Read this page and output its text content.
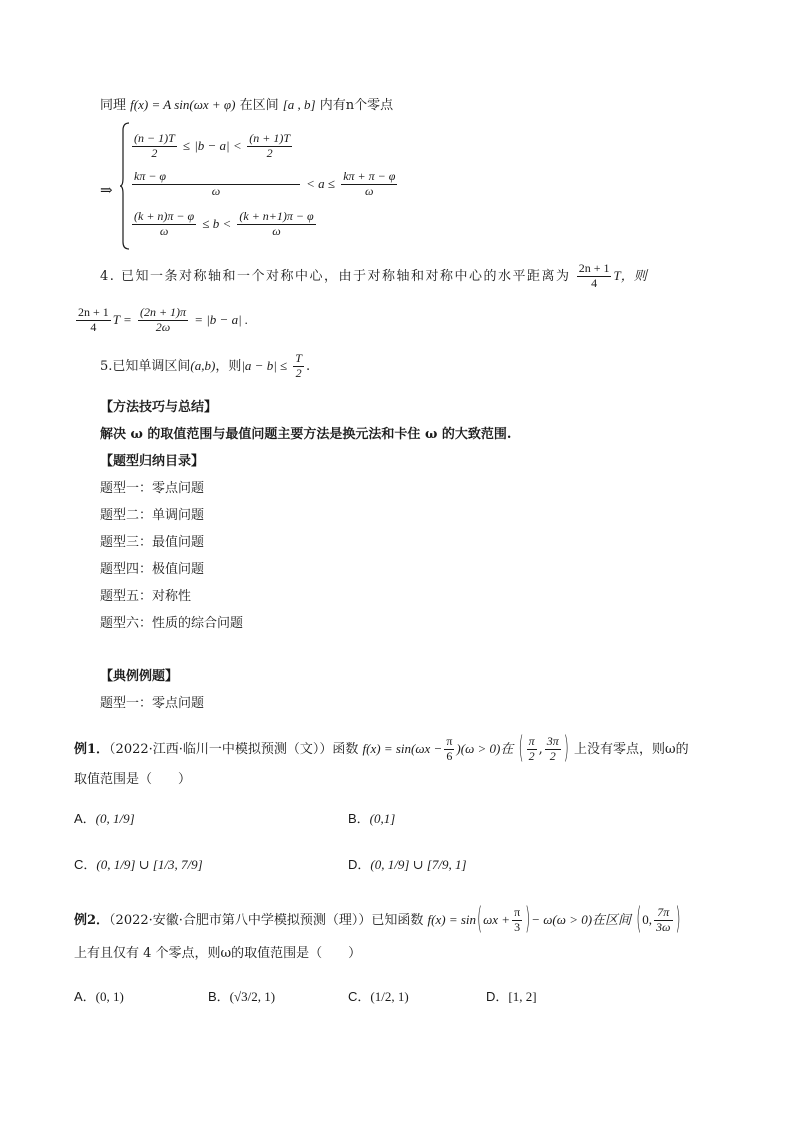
同理 f(x) = A sin(ωx + φ) 在区间 [a , b] 内有n个零点
⇒
$\frac{(n - 1)T}{2} \le |b - a| < \frac{(n + 1)T}{2}$
$\frac{k\pi - \varphi}{\omega} < a \le \frac{k\pi + \pi - \varphi}{\omega}$
$\frac{(k + n)\pi - \varphi}{\omega} \le b < \frac{(k + n+1)\pi - \varphi}{\omega}$
4. 已知一条对称轴和一个对称中心，由于对称轴和对称中心的水平距离为 $\frac{2n + 1}{4}$ T，则
$\frac{2n + 1}{4}$ $T = \frac{(2n + 1)\pi}{2\omega} = |b - a|$ .
5.已知单调区间(a,b)，则$|a - b| \le \frac{T}{2}$ .
【方法技巧与总结】
解决 ω 的取值范围与最值问题主要方法是换元法和卡住 ω 的大致范围.
【题型归纳目录】
题型一：零点问题
题型二：单调问题
题型三：最值问题
题型四：极值问题
题型五：对称性
题型六：性质的综合问题
【典例例题】
题型一：零点问题
例1．（2022·江西·临川一中模拟预测（文））函数 $f(x) = \sin(\omega x - \frac{\pi}{6} )(\omega > 0)$在 ( $\frac{\pi}{2}$ , $\frac{3\pi}{2}$ ) 上没有零点，则ω的
取值范围是（　　）
A．(0, 1/9]	B．(0,1]
C．(0, 1/9] ∪ [1/3, 7/9]	D．(0, 1/9] ∪ [7/9, 1]
例2．（2022·安徽·合肥市第八中学模拟预测（理））已知函数 $f(x) = \sin(\omega x + \frac{\pi}{3}$ )− ω(ω > 0)在区间 (0, $\frac{7\pi}{3\omega}$ )
上有且仅有 4 个零点，则ω的取值范围是（　　）
A．(0, 1)	B．(√3/2, 1)	C．(1/2, 1)	D．[1, 2]
